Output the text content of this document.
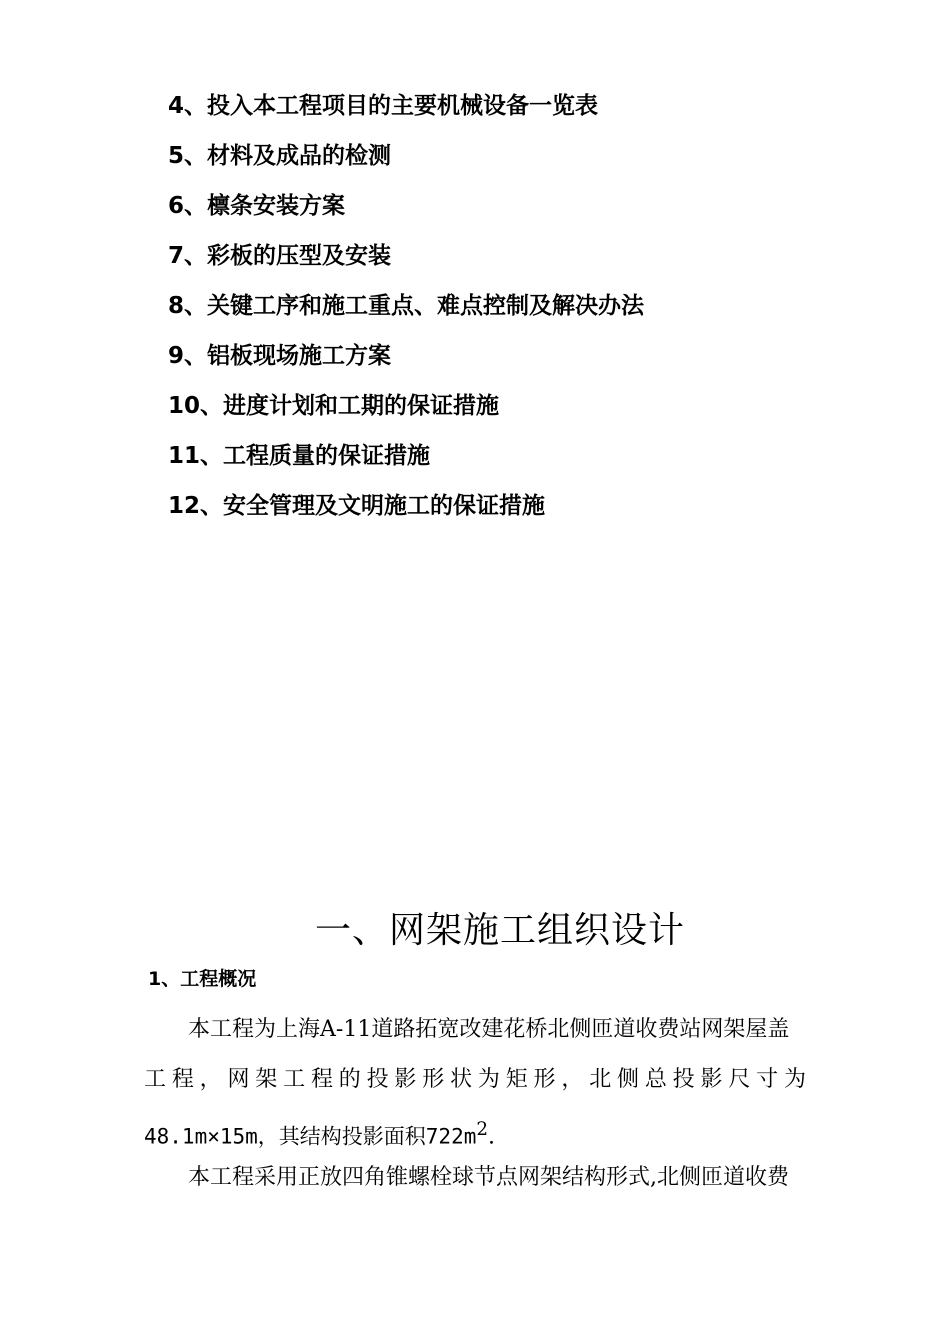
4、投入本工程项目的主要机械设备一览表
5、材料及成品的检测
6、檩条安装方案
7、彩板的压型及安装
8、关键工序和施工重点、难点控制及解决办法
9、铝板现场施工方案
10、进度计划和工期的保证措施
11、工程质量的保证措施
12、安全管理及文明施工的保证措施
一、网架施工组织设计
1、工程概况
本工程为上海A-11道路拓宽改建花桥北侧匝道收费站网架屋盖
工程，网架工程的投影形状为矩形，北侧总投影尺寸为
48.1m×15m，其结构投影面积$722m^2$.
本工程采用正放四角锥螺栓球节点网架结构形式,北侧匝道收费
